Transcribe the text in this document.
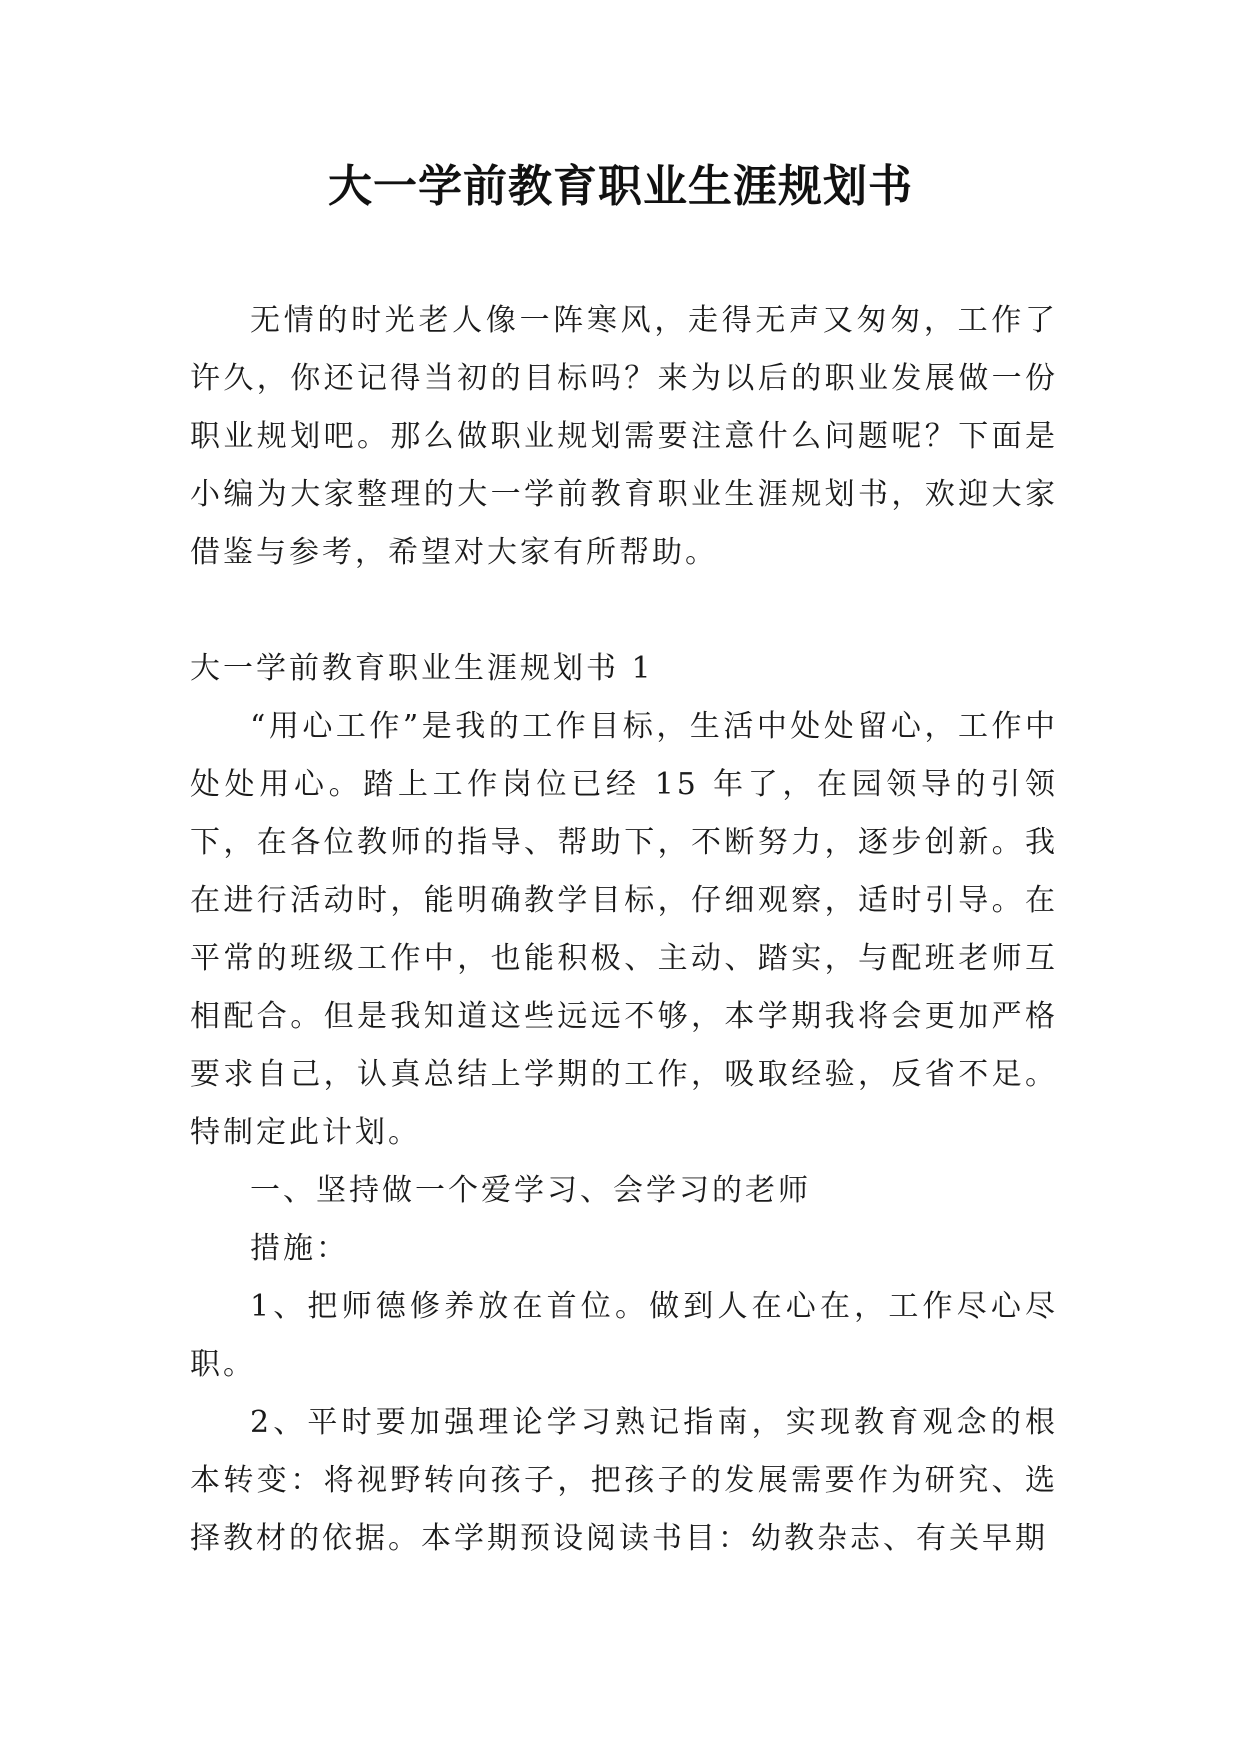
大一学前教育职业生涯规划书

无情的时光老人像一阵寒风，走得无声又匆匆，工作了许久，你还记得当初的目标吗？来为以后的职业发展做一份职业规划吧。那么做职业规划需要注意什么问题呢？下面是小编为大家整理的大一学前教育职业生涯规划书，欢迎大家借鉴与参考，希望对大家有所帮助。

大一学前教育职业生涯规划书 1

“用心工作”是我的工作目标，生活中处处留心，工作中处处用心。踏上工作岗位已经 15 年了，在园领导的引领下，在各位教师的指导、帮助下，不断努力，逐步创新。我在进行活动时，能明确教学目标，仔细观察，适时引导。在平常的班级工作中，也能积极、主动、踏实，与配班老师互相配合。但是我知道这些远远不够，本学期我将会更加严格要求自己，认真总结上学期的工作，吸取经验，反省不足。特制定此计划。

一、坚持做一个爱学习、会学习的老师

措施：

1、把师德修养放在首位。做到人在心在，工作尽心尽职。

2、平时要加强理论学习熟记指南，实现教育观念的根本转变：将视野转向孩子，把孩子的发展需要作为研究、选择教材的依据。本学期预设阅读书目：幼教杂志、有关早期
